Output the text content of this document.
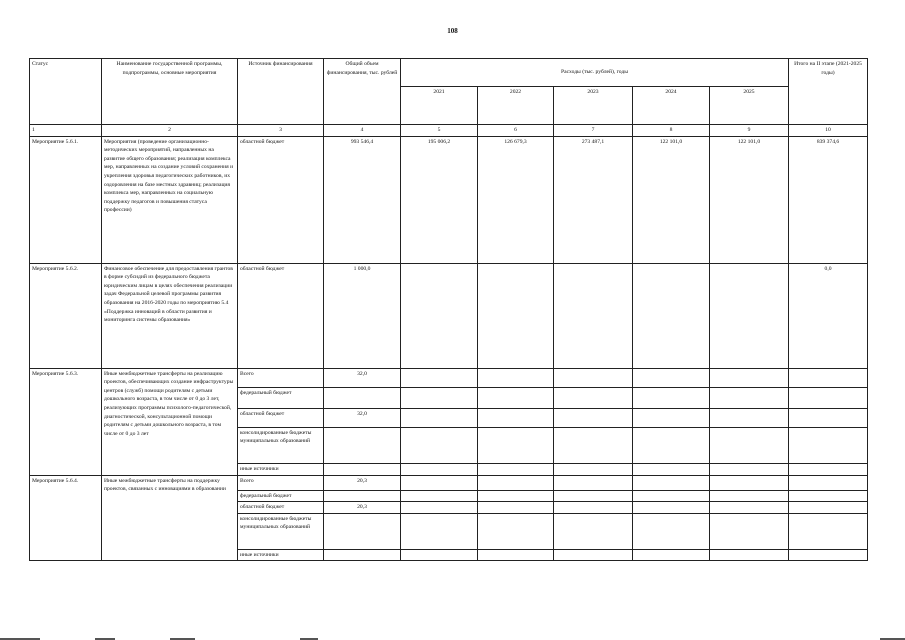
108
Статус	Наименование государственной программы, подпрограммы, основные мероприятия	Источник финансирования	Общий объем финансирования, тыс. рублей	Расходы (тыс. рублей), годы					Итого на II этапе (2021-2025 годы)
				2021	2022	2023	2024	2025	
1	2	3	4	5	6	7	8	9	10
Мероприятие 5.6.1.	Мероприятия (проведение организационно-методических мероприятий, направленных на развитие общего образования; реализация комплекса мер, направленных на создание условий сохранения и укрепления здоровья педагогических работников, их оздоровления на базе местных здравниц; реализация комплекса мер, направленных на социальную поддержку педагогов и повышения статуса профессии)	областной бюджет	993 546,4	195 006,2	126 679,3	273 487,1	122 101,0	122 101,0	839 374,6
Мероприятие 5.6.2.	Финансовое обеспечение для предоставления грантов в форме субсидий из федерального бюджета юридическим лицам в целях обеспечения реализации задач Федеральной целевой программы развития образования на 2016-2020 годы по мероприятию 5.4 «Поддержка инноваций в области развития и мониторинга системы образования»	областной бюджет	1 000,0						0,0
Мероприятие 5.6.3.	Иные межбюджетные трансферты на реализацию проектов, обеспечивающих создание инфраструктуры центров (служб) помощи родителям с детьми дошкольного возраста, в том числе от 0 до 3 лет, реализующих программы психолого-педагогической, диагностической, консультационной помощи родителям с детьми дошкольного возраста, в том числе от 0 до 3 лет	Всего	32,0						
		федеральный бюджет							
		областной бюджет	32,0						
		консолидированные бюджеты муниципальных образований							
		иные источники							
Мероприятие 5.6.4.	Иные межбюджетные трансферты на поддержку проектов, связанных с инновациями в образовании	Всего	20,3						
		федеральный бюджет							
		областной бюджет	20,3						
		консолидированные бюджеты муниципальных образований							
		иные источники							
